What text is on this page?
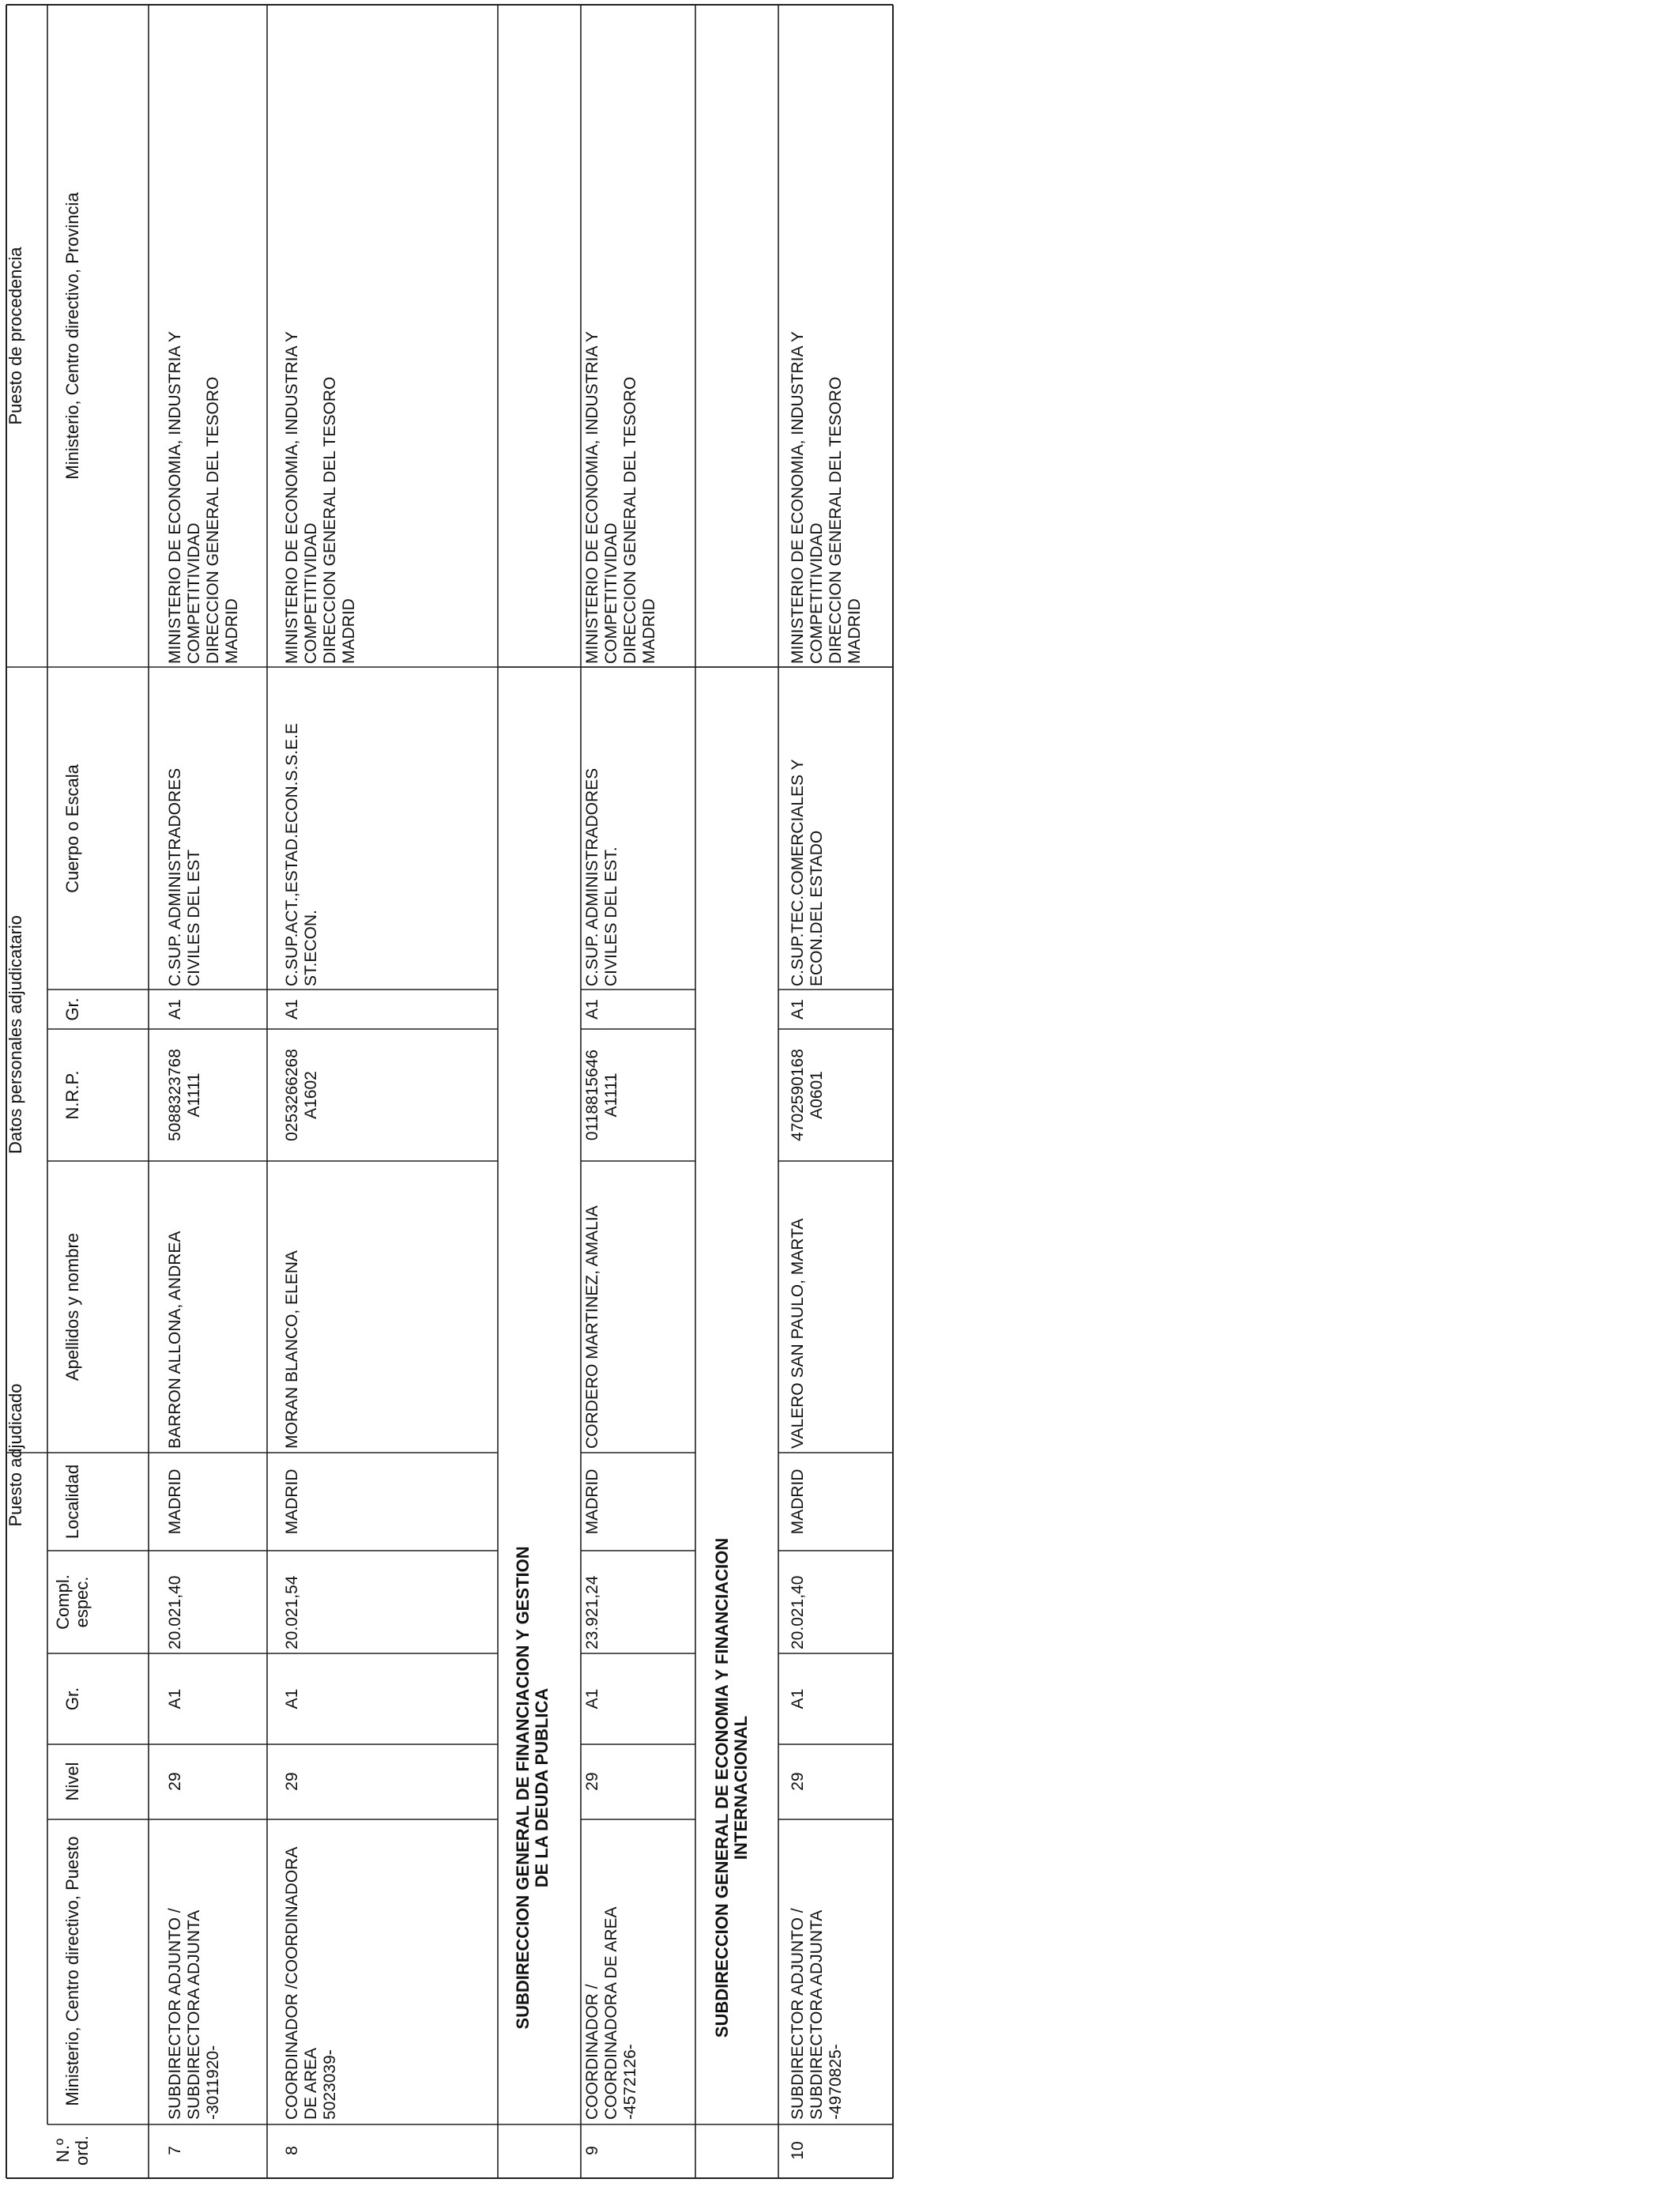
Puesto adjudicado
Datos personales adjudicatario
Puesto de procedencia
N.º
ord.
Ministerio, Centro directivo, Puesto
Nivel
Gr.
Compl.
espec.
Localidad
Apellidos y nombre
N.R.P.
Gr.
Cuerpo o Escala
Ministerio, Centro directivo, Provincia
7
SUBDIRECTOR ADJUNTO /
SUBDIRECTORA ADJUNTA
-3011920-
29
A1
20.021,40
MADRID
BARRON ALLONA, ANDREA
5088323768
A1111
A1
C.SUP. ADMINISTRADORES
CIVILES DEL EST
MINISTERIO DE ECONOMIA, INDUSTRIA Y
COMPETITIVIDAD
DIRECCION GENERAL DEL TESORO
MADRID
8
COORDINADOR /COORDINADORA
DE AREA
5023039-
29
A1
20.021,54
MADRID
MORAN BLANCO, ELENA
0253266268
A1602
A1
C.SUP.ACT.,ESTAD.ECON.S.S.E.E
ST.ECON.
MINISTERIO DE ECONOMIA, INDUSTRIA Y
COMPETITIVIDAD
DIRECCION GENERAL DEL TESORO
MADRID
SUBDIRECCION GENERAL DE FINANCIACION Y GESTION
DE LA DEUDA PUBLICA
9
COORDINADOR /
COORDINADORA DE AREA
-4572126-
29
A1
23.921,24
MADRID
CORDERO MARTINEZ, AMALIA
0118815646
A1111
A1
C.SUP. ADMINISTRADORES
CIVILES DEL EST.
MINISTERIO DE ECONOMIA, INDUSTRIA Y
COMPETITIVIDAD
DIRECCION GENERAL DEL TESORO
MADRID
SUBDIRECCION GENERAL DE ECONOMIA Y FINANCIACION
INTERNACIONAL
10
SUBDIRECTOR ADJUNTO /
SUBDIRECTORA ADJUNTA
-4970825-
29
A1
20.021,40
MADRID
VALERO SAN PAULO, MARTA
4702590168
A0601
A1
C.SUP.TEC.COMERCIALES Y
ECON.DEL ESTADO
MINISTERIO DE ECONOMIA, INDUSTRIA Y
COMPETITIVIDAD
DIRECCION GENERAL DEL TESORO
MADRID
